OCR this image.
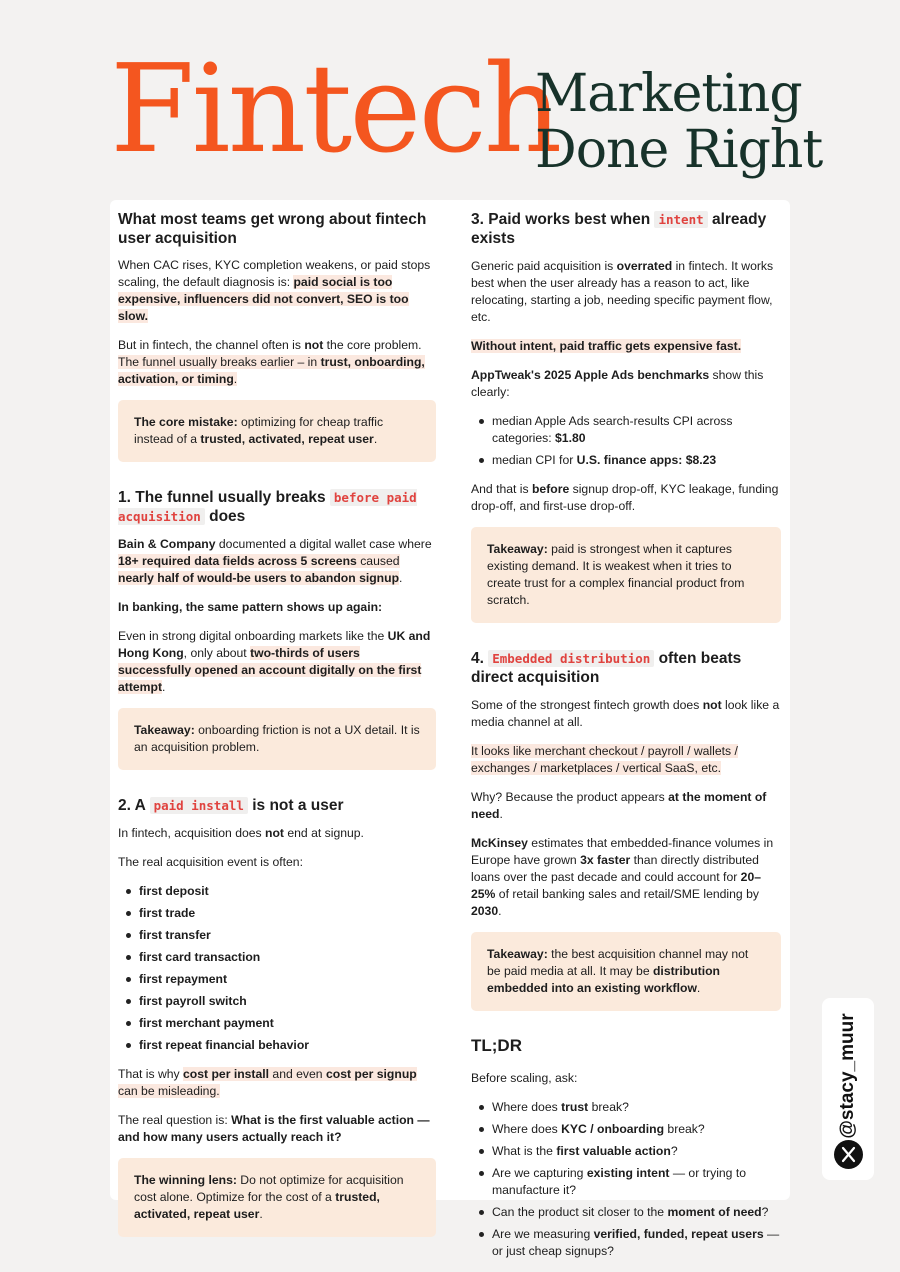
Fintech
Marketing
Done Right
What most teams get wrong about fintech user acquisition

When CAC rises, KYC completion weakens, or paid stops scaling, the default diagnosis is: paid social is too expensive, influencers did not convert, SEO is too slow.

But in fintech, the channel often is not the core problem. The funnel usually breaks earlier – in trust, onboarding, activation, or timing.

The core mistake: optimizing for cheap traffic instead of a trusted, activated, repeat user.
1. The funnel usually breaks before paid acquisition does

Bain & Company documented a digital wallet case where 18+ required data fields across 5 screens caused nearly half of would-be users to abandon signup.

In banking, the same pattern shows up again:

Even in strong digital onboarding markets like the UK and Hong Kong, only about two-thirds of users successfully opened an account digitally on the first attempt.

Takeaway: onboarding friction is not a UX detail. It is an acquisition problem.
2. A paid install is not a user

In fintech, acquisition does not end at signup.

The real acquisition event is often:

first deposit
first trade
first transfer
first card transaction
first repayment
first payroll switch
first merchant payment
first repeat financial behavior

That is why cost per install and even cost per signup can be misleading.

The real question is: What is the first valuable action — and how many users actually reach it?

The winning lens: Do not optimize for acquisition cost alone. Optimize for the cost of a trusted, activated, repeat user.
3. Paid works best when intent already exists

Generic paid acquisition is overrated in fintech. It works best when the user already has a reason to act, like relocating, starting a job, needing specific payment flow, etc.

Without intent, paid traffic gets expensive fast.

AppTweak's 2025 Apple Ads benchmarks show this clearly:

median Apple Ads search-results CPI across categories: $1.80
median CPI for U.S. finance apps: $8.23

And that is before signup drop-off, KYC leakage, funding drop-off, and first-use drop-off.

Takeaway: paid is strongest when it captures existing demand. It is weakest when it tries to create trust for a complex financial product from scratch.
4. Embedded distribution often beats direct acquisition

Some of the strongest fintech growth does not look like a media channel at all.

It looks like merchant checkout / payroll / wallets / exchanges / marketplaces / vertical SaaS, etc.

Why? Because the product appears at the moment of need.

McKinsey estimates that embedded-finance volumes in Europe have grown 3x faster than directly distributed loans over the past decade and could account for 20–25% of retail banking sales and retail/SME lending by 2030.

Takeaway: the best acquisition channel may not be paid media at all. It may be distribution embedded into an existing workflow.
TL;DR

Before scaling, ask:

Where does trust break?
Where does KYC / onboarding break?
What is the first valuable action?
Are we capturing existing intent — or trying to manufacture it?
Can the product sit closer to the moment of need?
Are we measuring verified, funded, repeat users — or just cheap signups?
@stacy_muur
